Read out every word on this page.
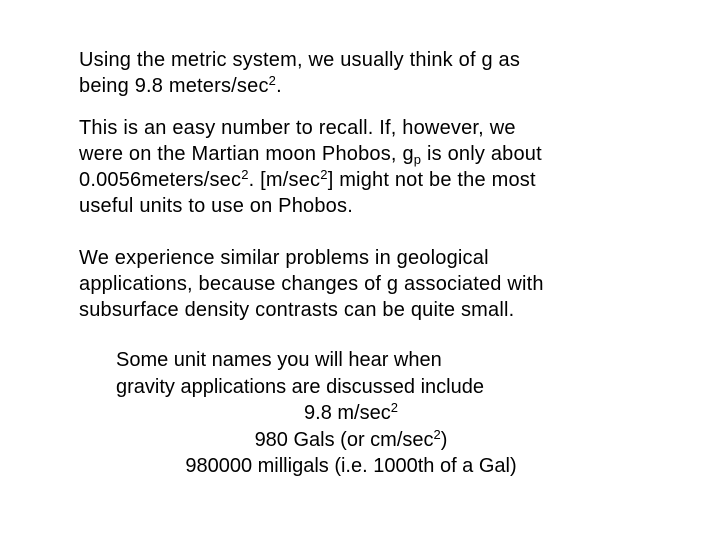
Using the metric system, we usually think of g as
being 9.8 meters/$\sec^2$.
This is an easy number to recall. If, however, we
were on the Martian moon Phobos, $g_p$ is only about
$0.0056meters/\sec^2$. $[m/\sec^2]$ might not be the most
useful units to use on Phobos.
We experience similar problems in geological
applications, because changes of g associated with
subsurface density contrasts can be quite small.
Some unit names you will hear when
gravity applications are discussed include
9.8 $m/\sec^2$
980 Gals (or $cm/\sec^2$)
980000 milligals (i.e. 1000th of a Gal)
